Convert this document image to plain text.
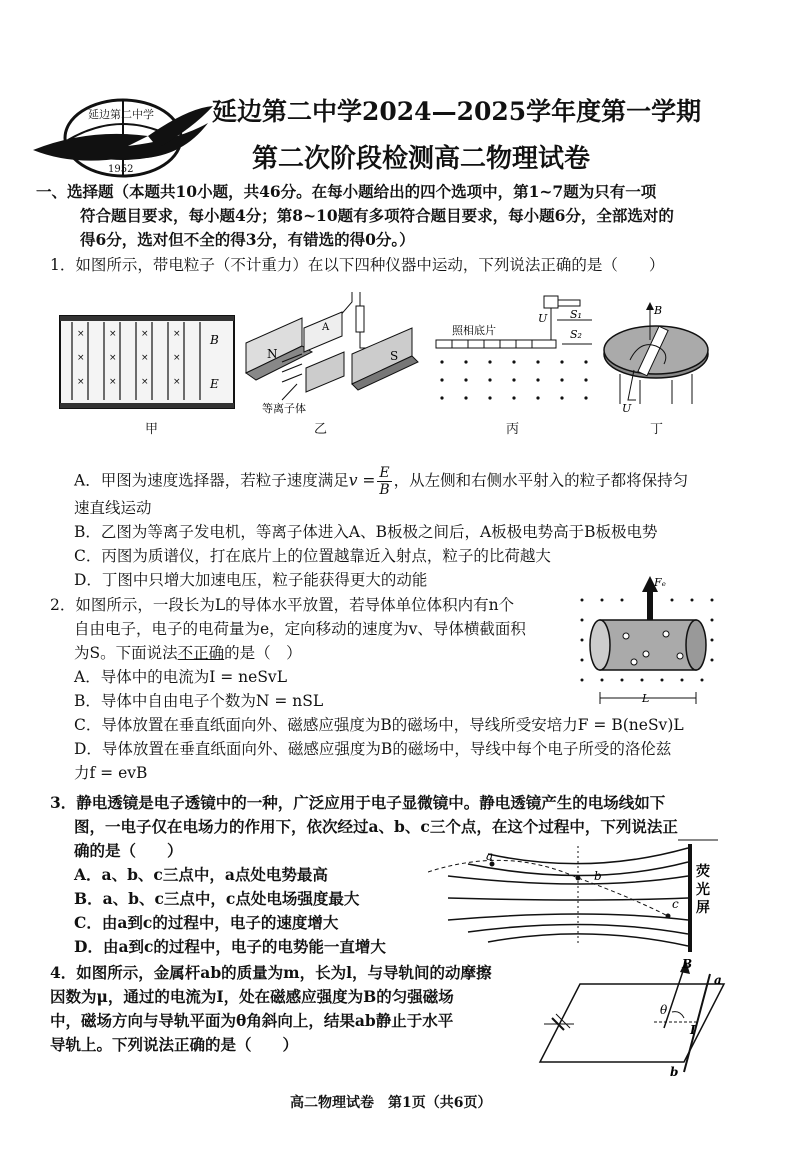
延边第二中学
1952
延边第二中学2024—2025学年度第一学期
第二次阶段检测高二物理试卷
一、选择题（本题共10小题，共46分。在每小题给出的四个选项中，第1~7题为只有一项
符合题目要求，每小题4分；第8~10题有多项符合题目要求，每小题6分，全部选对的
得6分，选对但不全的得3分，有错选的得0分。）
1．如图所示，带电粒子（不计重力）在以下四种仪器中运动，下列说法正确的是（　　）
×	×	×	×
×	×	×	×
×	×	×	×
B
E
甲
N	S
A
等离子体
乙
U S₁
S₂
照相底片
丙
B
U
丁
A．甲图为速度选择器，若粒子速度满足$v = \frac{E}{B}$ ，从左侧和右侧水平射入的粒子都将保持匀
速直线运动
B．乙图为等离子发电机，等离子体进入A、B板极之间后，A板极电势高于B板极电势
C．丙图为质谱仪，打在底片上的位置越靠近入射点，粒子的比荷越大
D．丁图中只增大加速电压，粒子能获得更大的动能
2．如图所示，一段长为L的导体水平放置，若导体单位体积内有n个
自由电子，电子的电荷量为e，定向移动的速度为v、导体横截面积
为S。下面说法不正确的是（　）
A．导体中的电流为I = neSvL
B．导体中自由电子个数为N = nSL
C．导体放置在垂直纸面向外、磁感应强度为B的磁场中，导线所受安培力F = B(neSv)L
D．导体放置在垂直纸面向外、磁感应强度为B的磁场中，导线中每个电子所受的洛伦兹
力f = evB
Fₑ
L
3．静电透镜是电子透镜中的一种，广泛应用于电子显微镜中。静电透镜产生的电场线如下
图，一电子仅在电场力的作用下，依次经过a、b、c三个点，在这个过程中，下列说法正
确的是（　　）
A．a、b、c三点中，a点处电势最高
B．a、b、c三点中，c点处电场强度最大
C．由a到c的过程中，电子的速度增大
D．由a到c的过程中，电子的电势能一直增大
a
b
c
荧
光
屏
4．如图所示，金属杆ab的质量为m，长为l，与导轨间的动摩擦
因数为μ，通过的电流为I，处在磁感应强度为B的匀强磁场
中，磁场方向与导轨平面为θ角斜向上，结果ab静止于水平
导轨上。下列说法正确的是（　　）
B
a
b
θ
I
高二物理试卷　第1页（共6页）
